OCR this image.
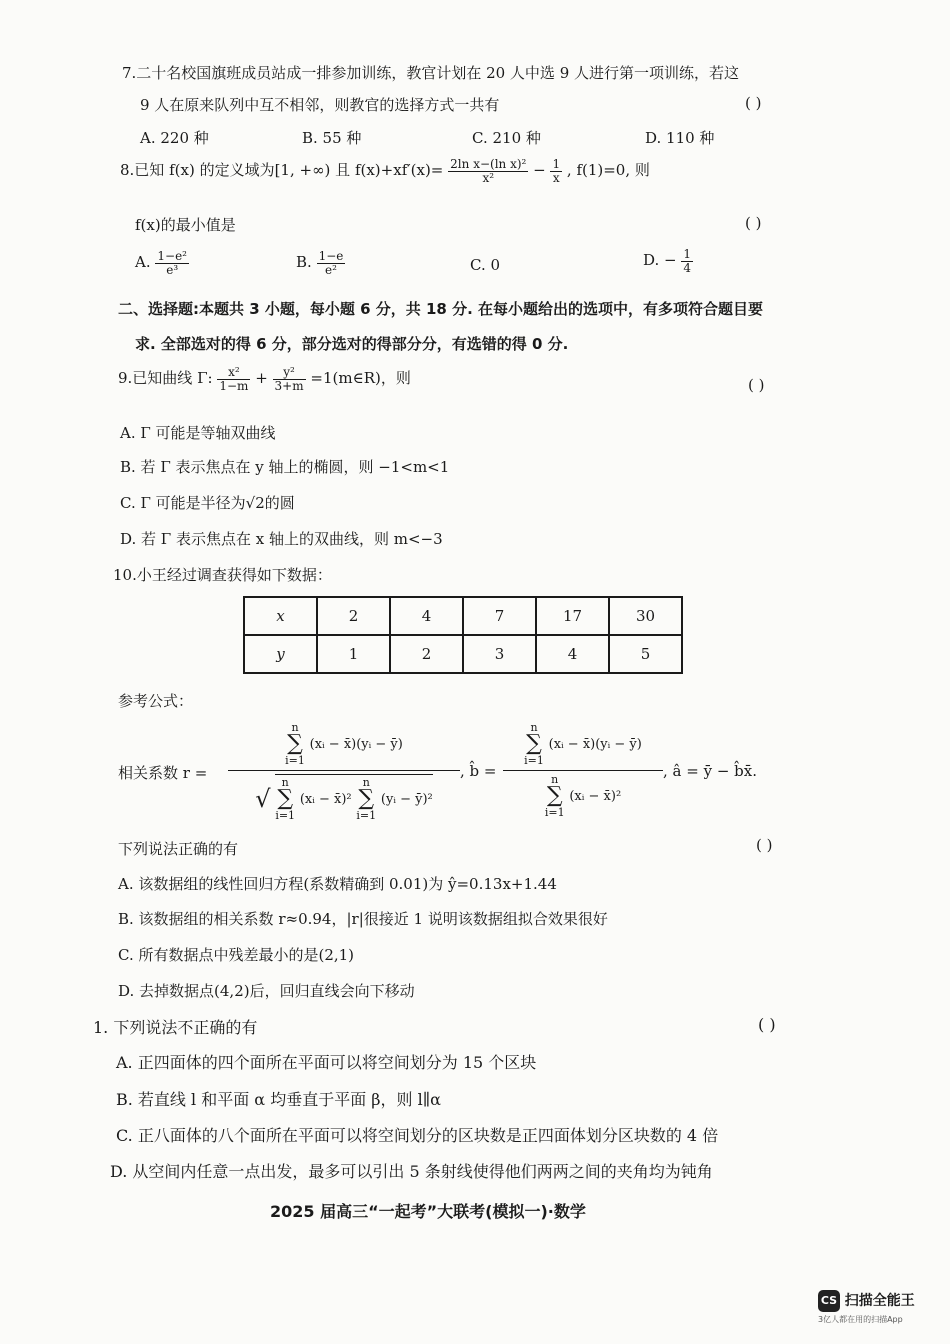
7.二十名校国旗班成员站成一排参加训练，教官计划在 20 人中选 9 人进行第一项训练，若这
9 人在原来队列中互不相邻，则教官的选择方式一共有	( )
A. 220 种	B. 55 种	C. 210 种	D. 110 种
8.已知 f(x) 的定义域为[1, +∞) 且 $f(x)+xf'(x)= \frac{\text{2ln x−(ln x)²}}{\text{x²}} - \frac{1}{x}$ , f(1)=0, 则
f(x)的最小值是	( )
A. $\frac{\text{1−e²}}{\text{e³}}$	B. $\frac{1-e}{\text{e²}}$	C. 0	D. − $\frac{1}{4}$
二、选择题:本题共 3 小题，每小题 6 分，共 18 分. 在每小题给出的选项中，有多项符合题目要
求. 全部选对的得 6 分，部分选对的得部分分，有选错的得 0 分.
9.已知曲线 Γ: $\frac{\text{x²}}{1-m} + \frac{\text{y²}}{3+m}$ =1(m∈R)，则	( )
A. Γ 可能是等轴双曲线
B. 若 Γ 表示焦点在 y 轴上的椭圆，则 −1<m<1
C. Γ 可能是半径为√2的圆
D. 若 Γ 表示焦点在 x 轴上的双曲线，则 m<−3
10.小王经过调查获得如下数据：
x	2	4	7	17	30
y	1	2	3	4	5
参考公式：
相关系数 r =
n
∑
i=1 (xᵢ − x̄)(yᵢ − ȳ)
√ n
∑
i=1 (xᵢ − x̄)² n
∑
i=1 (yᵢ − ȳ)²
, b̂ =
n
∑
i=1 (xᵢ − x̄)(yᵢ − ȳ)
n
∑
i=1 (xᵢ − x̄)²
, â = ȳ − b̂x̄.
下列说法正确的有	( )
A. 该数据组的线性回归方程(系数精确到 0.01)为 ŷ=0.13x+1.44
B. 该数据组的相关系数 r≈0.94，|r|很接近 1 说明该数据组拟合效果很好
C. 所有数据点中残差最小的是(2,1)
D. 去掉数据点(4,2)后，回归直线会向下移动
1. 下列说法不正确的有	( )
A. 正四面体的四个面所在平面可以将空间划分为 15 个区块
B. 若直线 l 和平面 α 均垂直于平面 β，则 l∥α
C. 正八面体的八个面所在平面可以将空间划分的区块数是正四面体划分区块数的 4 倍
D. 从空间内任意一点出发，最多可以引出 5 条射线使得他们两两之间的夹角均为钝角
2025 届高三“一起考”大联考(模拟一)·数学
CS 扫描全能王
3亿人都在用的扫描App
